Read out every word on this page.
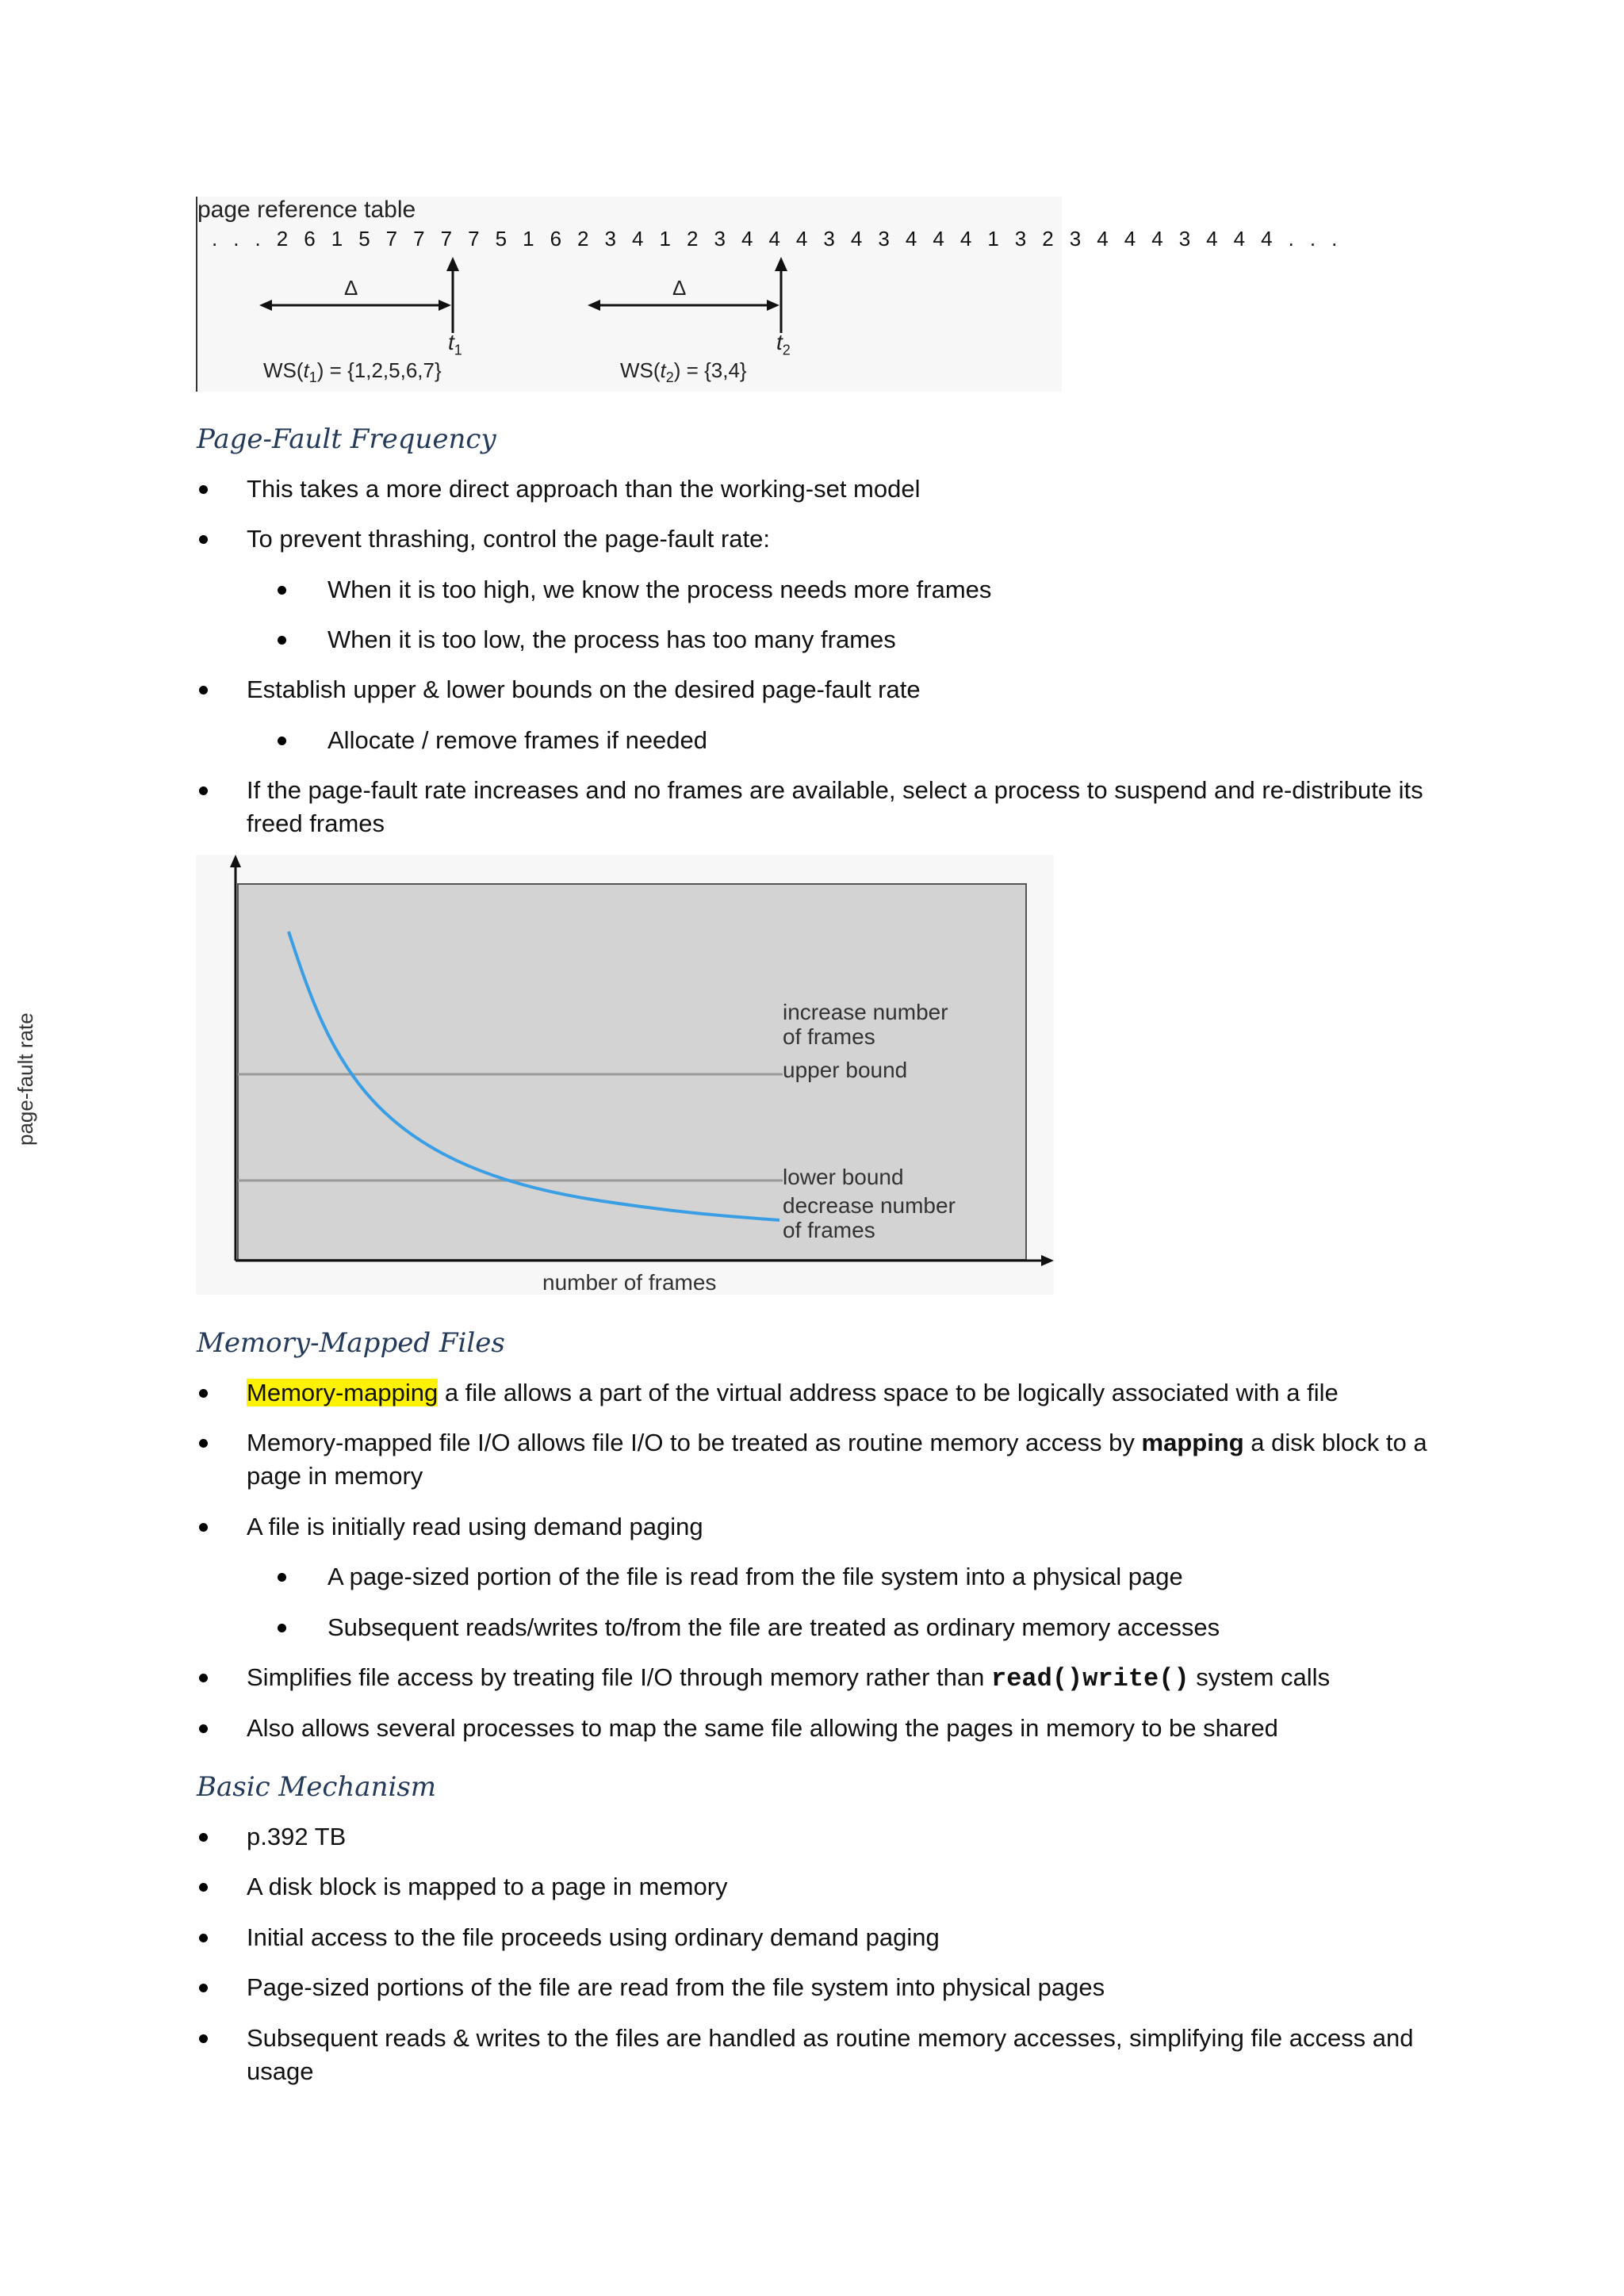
page reference table
. . . 2 6 1 5 7 7 7 7 5 1 6 2 3 4 1 2 3 4 4 4 3 4 3 4 4 4 1 3 2 3 4 4 4 3 4 4 4 . . .
Δ	Δ
$t_1$	$t_2$
$WS(t_1) = \{1,2,5,6,7\}$	$WS(t_2) = \{3,4\}$
Page-Fault Frequency
This takes a more direct approach than the working-set model
To prevent thrashing, control the page-fault rate:
When it is too high, we know the process needs more frames
When it is too low, the process has too many frames
Establish upper & lower bounds on the desired page-fault rate
Allocate / remove frames if needed
If the page-fault rate increases and no frames are available, select a process to suspend and re-distribute its freed frames
increase number
of frames
decrease number
of frames
upper bound
lower bound
page-fault rate
number of frames
Memory-Mapped Files
Memory-mapping a file allows a part of the virtual address space to be logically associated with a file
Memory-mapped file I/O allows file I/O to be treated as routine memory access by mapping a disk block to a page in memory
A file is initially read using demand paging
A page-sized portion of the file is read from the file system into a physical page
Subsequent reads/writes to/from the file are treated as ordinary memory accesses
Simplifies file access by treating file I/O through memory rather than read()write() system calls
Also allows several processes to map the same file allowing the pages in memory to be shared
Basic Mechanism
p.392 TB
A disk block is mapped to a page in memory
Initial access to the file proceeds using ordinary demand paging
Page-sized portions of the file are read from the file system into physical pages
Subsequent reads & writes to the files are handled as routine memory accesses, simplifying file access and usage
